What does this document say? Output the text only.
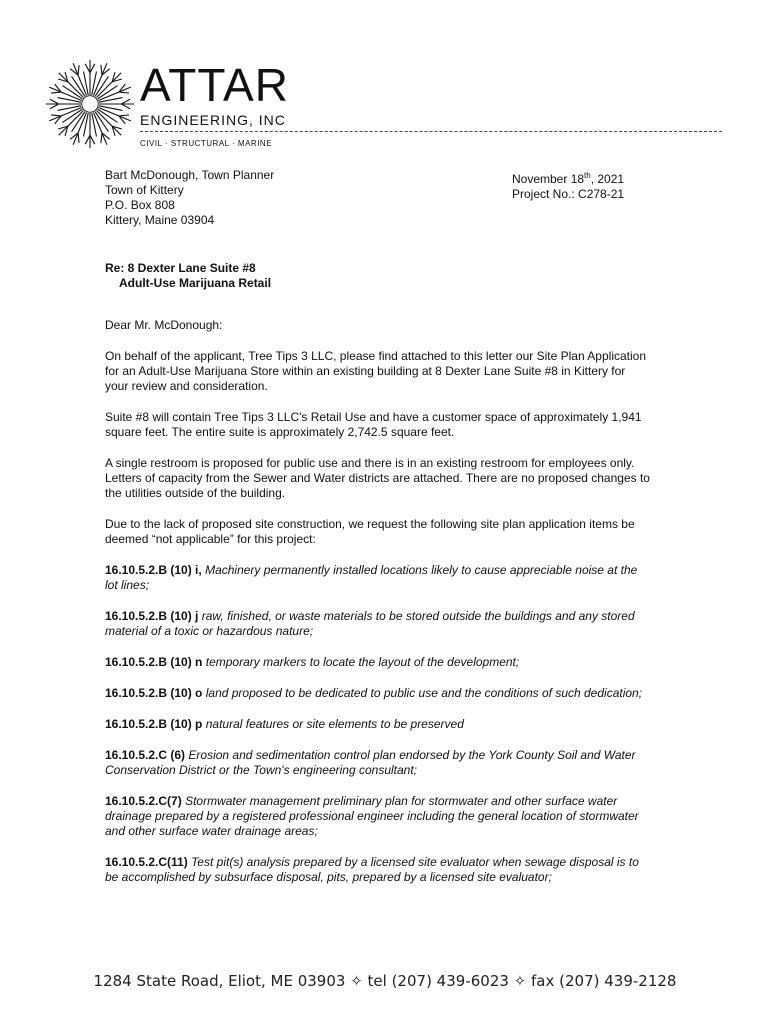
ATTAR
ENGINEERING, INC
CIVIL · STRUCTURAL · MARINE
Bart McDonough, Town Planner
Town of Kittery
P.O. Box 808
Kittery, Maine 03904
November 18th, 2021
Project No.: C278-21
Re: 8 Dexter Lane Suite #8
Adult-Use Marijuana Retail

Dear Mr. McDonough:

On behalf of the applicant, Tree Tips 3 LLC, please find attached to this letter our Site Plan Application for an Adult-Use Marijuana Store within an existing building at 8 Dexter Lane Suite #8 in Kittery for your review and consideration.

Suite #8 will contain Tree Tips 3 LLC's Retail Use and have a customer space of approximately 1,941 square feet. The entire suite is approximately 2,742.5 square feet.

A single restroom is proposed for public use and there is in an existing restroom for employees only. Letters of capacity from the Sewer and Water districts are attached. There are no proposed changes to the utilities outside of the building.

Due to the lack of proposed site construction, we request the following site plan application items be deemed “not applicable” for this project:

16.10.5.2.B (10) i, Machinery permanently installed locations likely to cause appreciable noise at the lot lines;
16.10.5.2.B (10) j raw, finished, or waste materials to be stored outside the buildings and any stored material of a toxic or hazardous nature;
16.10.5.2.B (10) n temporary markers to locate the layout of the development;
16.10.5.2.B (10) o land proposed to be dedicated to public use and the conditions of such dedication;
16.10.5.2.B (10) p natural features or site elements to be preserved
16.10.5.2.C (6) Erosion and sedimentation control plan endorsed by the York County Soil and Water Conservation District or the Town's engineering consultant;
16.10.5.2.C(7) Stormwater management preliminary plan for stormwater and other surface water drainage prepared by a registered professional engineer including the general location of stormwater and other surface water drainage areas;
16.10.5.2.C(11) Test pit(s) analysis prepared by a licensed site evaluator when sewage disposal is to be accomplished by subsurface disposal, pits, prepared by a licensed site evaluator;
1284 State Road, Eliot, ME 03903 ✧ tel (207) 439-6023 ✧ fax (207) 439-2128
